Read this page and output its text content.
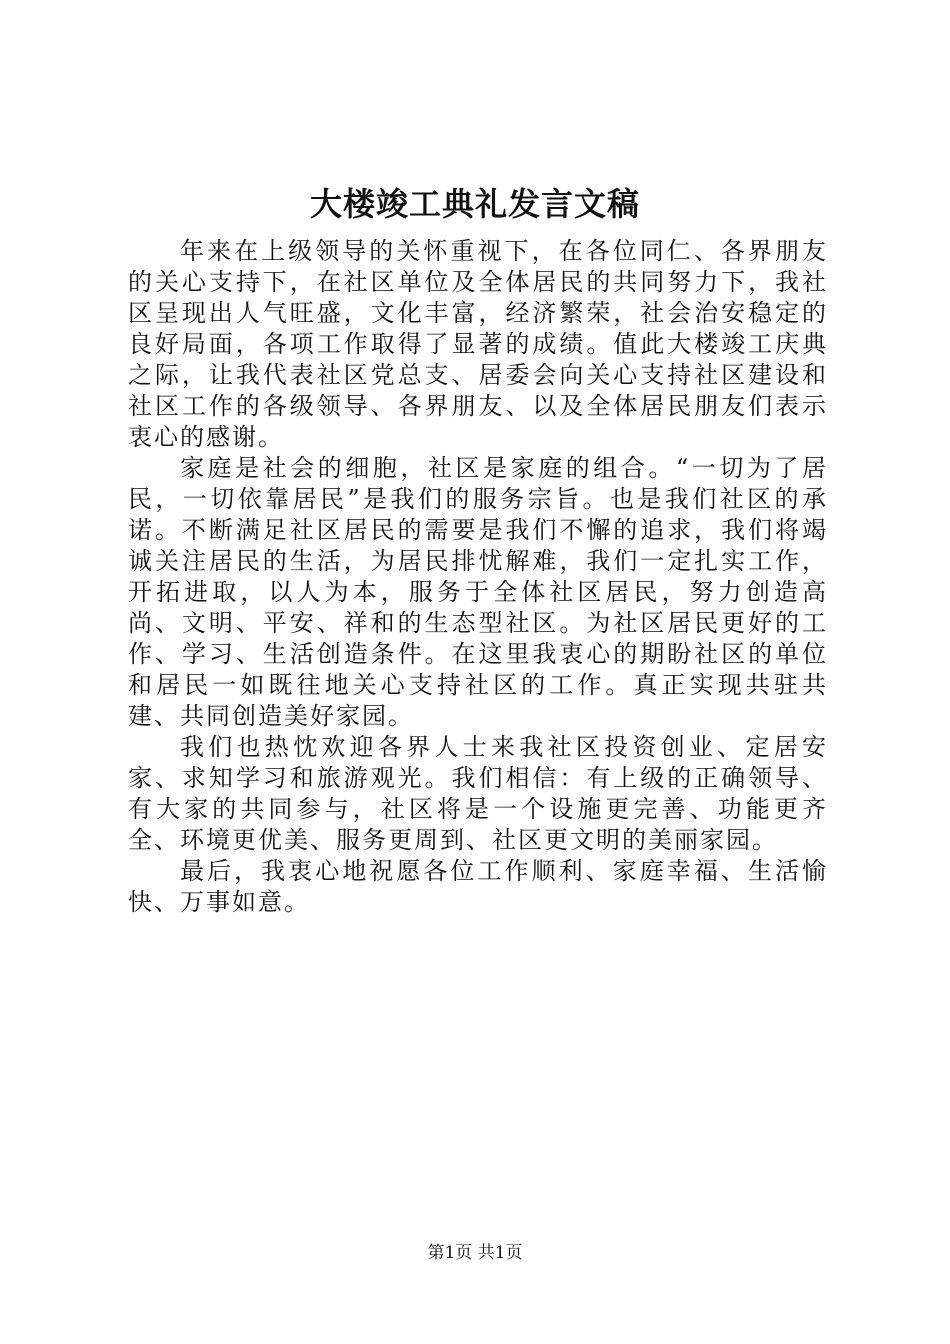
大楼竣工典礼发言文稿

年来在上级领导的关怀重视下，在各位同仁、各界朋友的关心支持下，在社区单位及全体居民的共同努力下，我社区呈现出人气旺盛，文化丰富，经济繁荣，社会治安稳定的良好局面，各项工作取得了显著的成绩。值此大楼竣工庆典之际，让我代表社区党总支、居委会向关心支持社区建设和社区工作的各级领导、各界朋友、以及全体居民朋友们表示衷心的感谢。

家庭是社会的细胞，社区是家庭的组合。“一切为了居民，一切依靠居民”是我们的服务宗旨。也是我们社区的承诺。不断满足社区居民的需要是我们不懈的追求，我们将竭诚关注居民的生活，为居民排忧解难，我们一定扎实工作，开拓进取，以人为本，服务于全体社区居民，努力创造高尚、文明、平安、祥和的生态型社区。为社区居民更好的工作、学习、生活创造条件。在这里我衷心的期盼社区的单位和居民一如既往地关心支持社区的工作。真正实现共驻共建、共同创造美好家园。

我们也热忱欢迎各界人士来我社区投资创业、定居安家、求知学习和旅游观光。我们相信：有上级的正确领导、有大家的共同参与，社区将是一个设施更完善、功能更齐全、环境更优美、服务更周到、社区更文明的美丽家园。

最后，我衷心地祝愿各位工作顺利、家庭幸福、生活愉快、万事如意。

第1页 共1页
